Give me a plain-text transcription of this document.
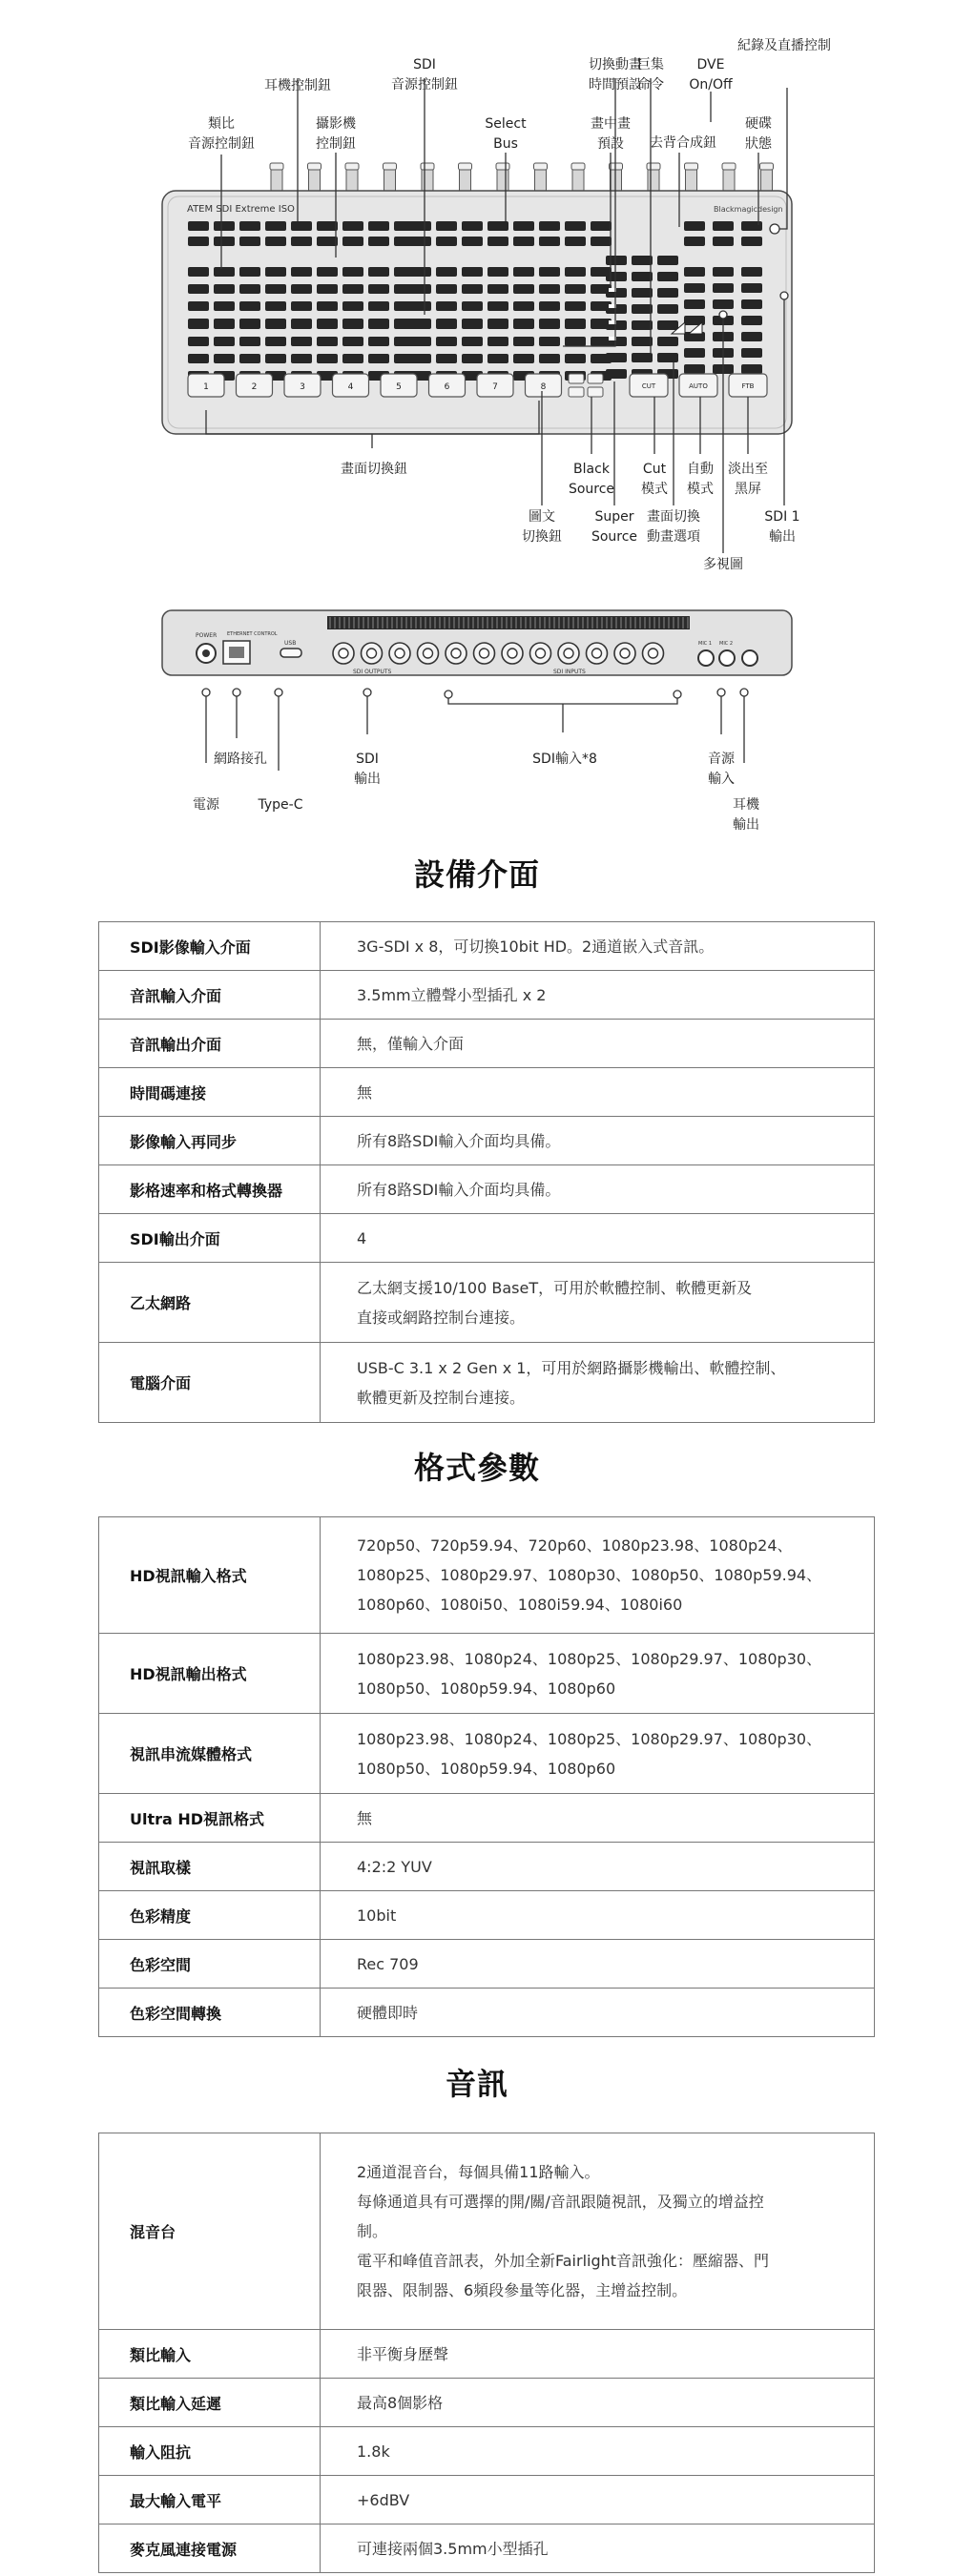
ATEM SDI Extreme ISO	Blackmagicdesign
1	2	3	4	5	6	7	8	CUT	AUTO	FTB
POWER ETHERNET CONTROL
USB
SDI OUTPUTS	SDI INPUTS
MIC 1 MIC 2
紀錄及直播控制
DVE
On/Off
切換動畫
時間預設
巨集
命令
SDI
音源控制鈕
耳機控制鈕
類比
音源控制鈕
攝影機
控制鈕
Select
Bus
畫中畫
預設	去背合成鈕
硬碟
狀態
畫面切換鈕	Black
Source
Cut
模式
自動
模式
淡出至
黑屏
圖文
切換鈕
Super
Source
畫面切換
動畫選項
SDI 1
輸出
多視圖
網路接孔	SDI
輸出
SDI輸入*8	音源
輸入
電源	Type-C	耳機
輸出
設備介面
SDI影像輸入介面	3G-SDI x 8，可切換10bit HD。2通道嵌入式音訊。
音訊輸入介面	3.5mm立體聲小型插孔 x 2
音訊輸出介面	無，僅輸入介面
時間碼連接	無
影像輸入再同步	所有8路SDI輸入介面均具備。
影格速率和格式轉換器	所有8路SDI輸入介面均具備。
SDI輸出介面	4
乙太網路	乙太網支援10/100 BaseT，可用於軟體控制、軟體更新及
直接或網路控制台連接。
電腦介面	USB-C 3.1 x 2 Gen x 1，可用於網路攝影機輸出、軟體控制、
軟體更新及控制台連接。
格式參數
HD視訊輸入格式	720p50、720p59.94、720p60、1080p23.98、1080p24、
1080p25、1080p29.97、1080p30、1080p50、1080p59.94、
1080p60、1080i50、1080i59.94、1080i60
HD視訊輸出格式	1080p23.98、1080p24、1080p25、1080p29.97、1080p30、
1080p50、1080p59.94、1080p60
視訊串流媒體格式	1080p23.98、1080p24、1080p25、1080p29.97、1080p30、
1080p50、1080p59.94、1080p60
Ultra HD視訊格式	無
視訊取樣	4:2:2 YUV
色彩精度	10bit
色彩空間	Rec 709
色彩空間轉換	硬體即時
音訊
混音台	2通道混音台，每個具備11路輸入。
每條通道具有可選擇的開/關/音訊跟隨視訊，及獨立的增益控
制。
電平和峰值音訊表，外加全新Fairlight音訊強化：壓縮器、門
限器、限制器、6頻段參量等化器，主增益控制。
類比輸入	非平衡身歷聲
類比輸入延遲	最高8個影格
輸入阻抗	1.8k
最大輸入電平	+6dBV
麥克風連接電源	可連接兩個3.5mm小型插孔
